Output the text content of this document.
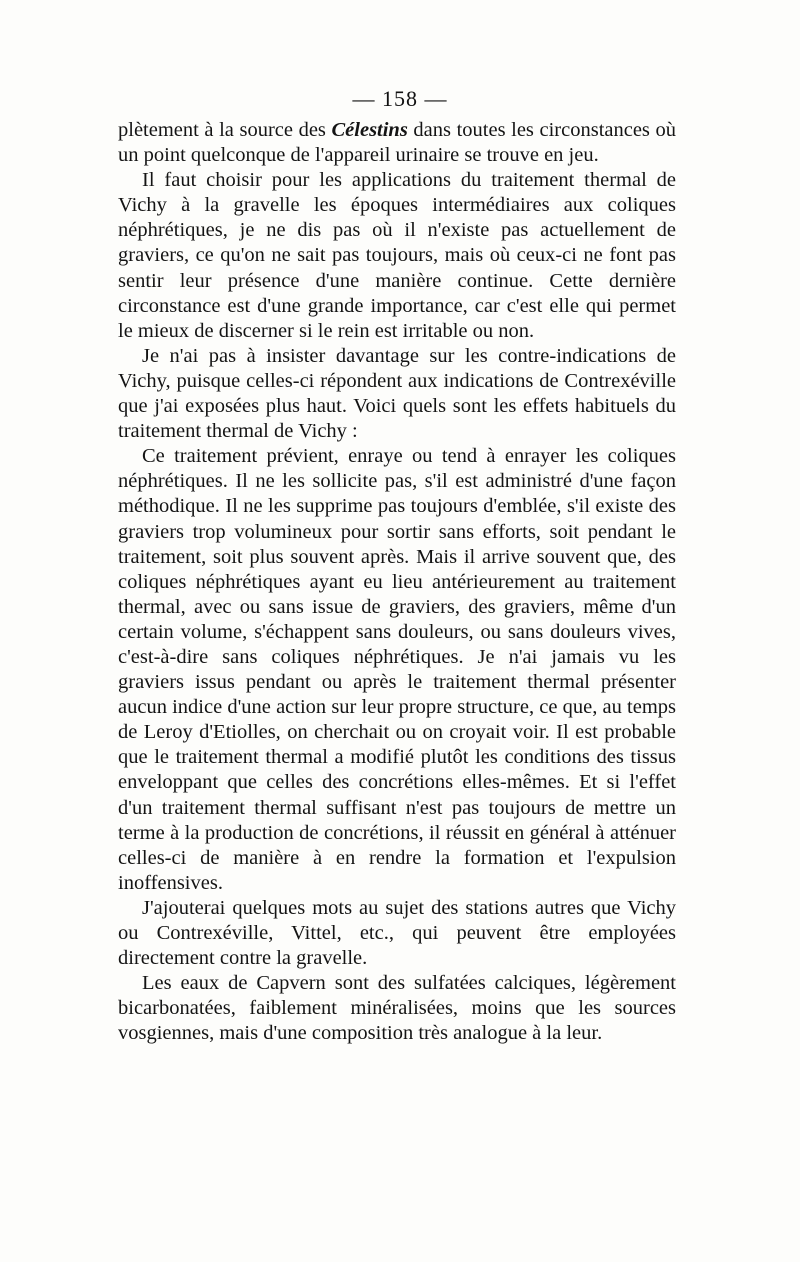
— 158 —

plètement à la source des Célestins dans toutes les circonstances où un point quelconque de l'appareil urinaire se trouve en jeu.

Il faut choisir pour les applications du traitement thermal de Vichy à la gravelle les époques intermédiaires aux coliques néphrétiques, je ne dis pas où il n'existe pas actuellement de graviers, ce qu'on ne sait pas toujours, mais où ceux-ci ne font pas sentir leur présence d'une manière continue. Cette dernière circonstance est d'une grande importance, car c'est elle qui permet le mieux de discerner si le rein est irritable ou non.

Je n'ai pas à insister davantage sur les contre-indications de Vichy, puisque celles-ci répondent aux indications de Contrexéville que j'ai exposées plus haut. Voici quels sont les effets habituels du traitement thermal de Vichy :

Ce traitement prévient, enraye ou tend à enrayer les coliques néphrétiques. Il ne les sollicite pas, s'il est administré d'une façon méthodique. Il ne les supprime pas toujours d'emblée, s'il existe des graviers trop volumineux pour sortir sans efforts, soit pendant le traitement, soit plus souvent après. Mais il arrive souvent que, des coliques néphrétiques ayant eu lieu antérieurement au traitement thermal, avec ou sans issue de graviers, des graviers, même d'un certain volume, s'échappent sans douleurs, ou sans douleurs vives, c'est-à-dire sans coliques néphrétiques. Je n'ai jamais vu les graviers issus pendant ou après le traitement thermal présenter aucun indice d'une action sur leur propre structure, ce que, au temps de Leroy d'Etiolles, on cherchait ou on croyait voir. Il est probable que le traitement thermal a modifié plutôt les conditions des tissus enveloppant que celles des concrétions elles-mêmes. Et si l'effet d'un traitement thermal suffisant n'est pas toujours de mettre un terme à la production de concrétions, il réussit en général à atténuer celles-ci de manière à en rendre la formation et l'expulsion inoffensives.

J'ajouterai quelques mots au sujet des stations autres que Vichy ou Contrexéville, Vittel, etc., qui peuvent être employées directement contre la gravelle.

Les eaux de Capvern sont des sulfatées calciques, légèrement bicarbonatées, faiblement minéralisées, moins que les sources vosgiennes, mais d'une composition très analogue à la leur.
